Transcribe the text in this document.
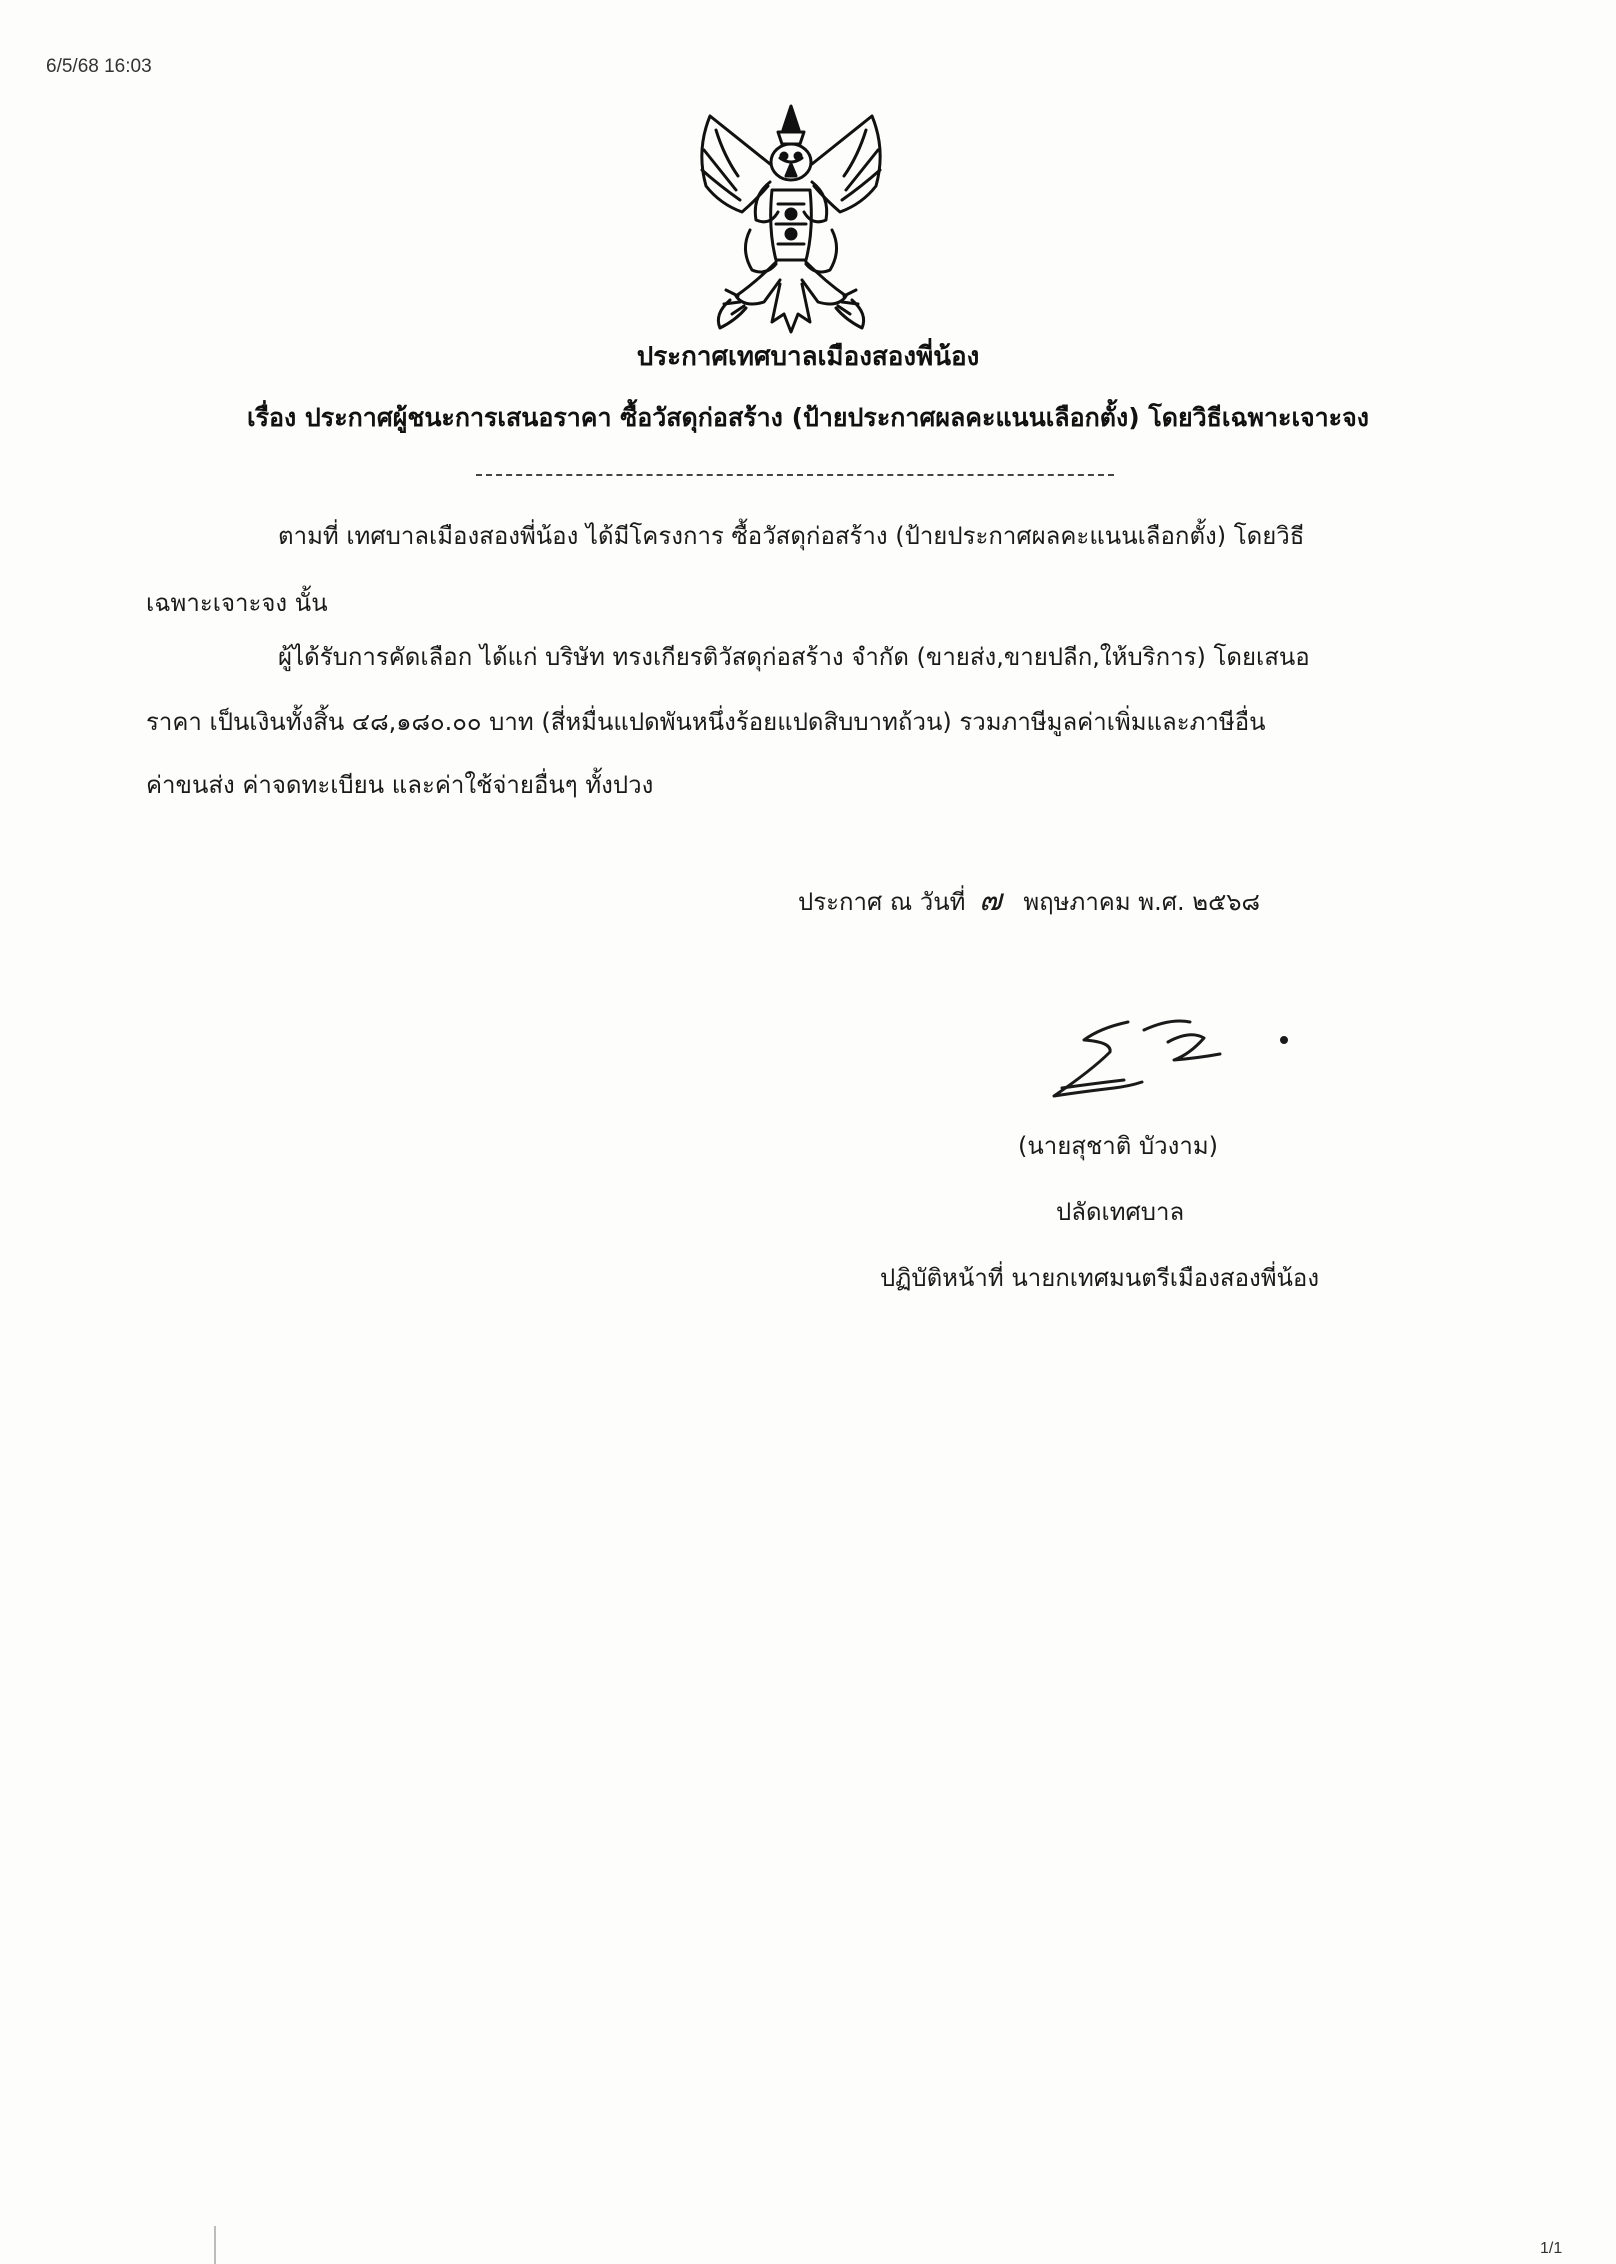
6/5/68 16:03
ประกาศเทศบาลเมืองสองพี่น้อง
เรื่อง ประกาศผู้ชนะการเสนอราคา ซื้อวัสดุก่อสร้าง (ป้ายประกาศผลคะแนนเลือกตั้ง) โดยวิธีเฉพาะเจาะจง
ตามที่ เทศบาลเมืองสองพี่น้อง ได้มีโครงการ ซื้อวัสดุก่อสร้าง (ป้ายประกาศผลคะแนนเลือกตั้ง) โดยวิธี
เฉพาะเจาะจง นั้น
ผู้ได้รับการคัดเลือก ได้แก่ บริษัท ทรงเกียรติวัสดุก่อสร้าง จำกัด (ขายส่ง,ขายปลีก,ให้บริการ) โดยเสนอ
ราคา เป็นเงินทั้งสิ้น ๔๘,๑๘๐.๐๐ บาท (สี่หมื่นแปดพันหนึ่งร้อยแปดสิบบาทถ้วน) รวมภาษีมูลค่าเพิ่มและภาษีอื่น
ค่าขนส่ง ค่าจดทะเบียน และค่าใช้จ่ายอื่นๆ ทั้งปวง
ประกาศ ณ วันที่ ๗ พฤษภาคม พ.ศ. ๒๕๖๘
(นายสุชาติ บัวงาม)
ปลัดเทศบาล
ปฏิบัติหน้าที่ นายกเทศมนตรีเมืองสองพี่น้อง
1/1
